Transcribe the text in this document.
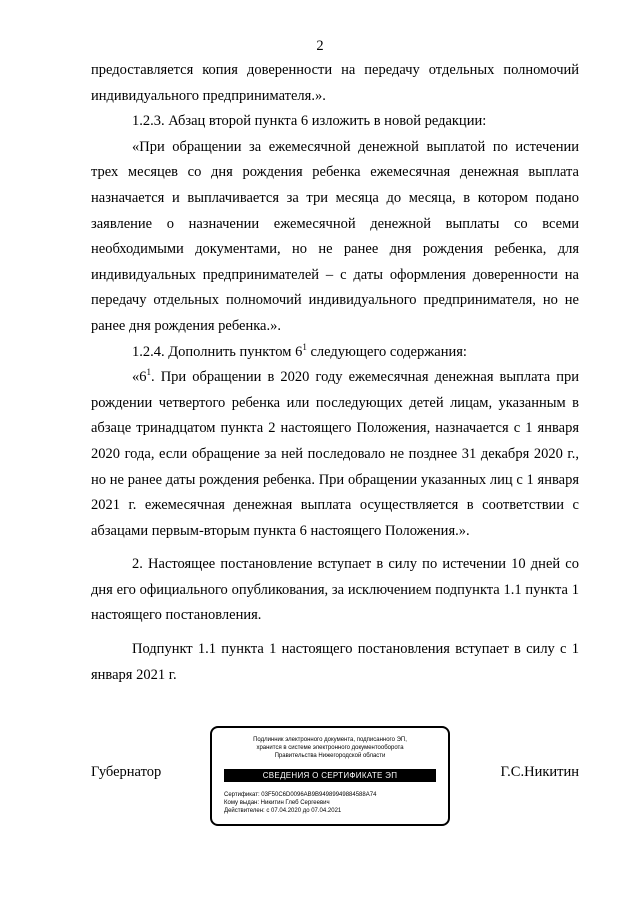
2

предоставляется копия доверенности на передачу отдельных полномочий индивидуального предпринимателя.».

1.2.3. Абзац второй пункта 6 изложить в новой редакции:

«При обращении за ежемесячной денежной выплатой по истечении трех месяцев со дня рождения ребенка ежемесячная денежная выплата назначается и выплачивается за три месяца до месяца, в котором подано заявление о назначении ежемесячной денежной выплаты со всеми необходимыми документами, но не ранее дня рождения ребенка, для индивидуальных предпринимателей – с даты оформления доверенности на передачу отдельных полномочий индивидуального предпринимателя, но не ранее дня рождения ребенка.».

1.2.4. Дополнить пунктом $6^1$ следующего содержания:

«$6^1$. При обращении в 2020 году ежемесячная денежная выплата при рождении четвертого ребенка или последующих детей лицам, указанным в абзаце тринадцатом пункта 2 настоящего Положения, назначается с 1 января 2020 года, если обращение за ней последовало не позднее 31 декабря 2020 г., но не ранее даты рождения ребенка. При обращении указанных лиц с 1 января 2021 г. ежемесячная денежная выплата осуществляется в соответствии с абзацами первым-вторым пункта 6 настоящего Положения.».

2. Настоящее постановление вступает в силу по истечении 10 дней со дня его официального опубликования, за исключением подпункта 1.1 пункта 1 настоящего постановления.

Подпункт 1.1 пункта 1 настоящего постановления вступает в силу с 1 января 2021 г.

Губернатор	Г.С.Никитин
Подлинник электронного документа, подписанного ЭП,
хранится в системе электронного документооборота
Правительства Нижегородской области
СВЕДЕНИЯ О СЕРТИФИКАТЕ ЭП
Сертификат: 03F50C6D0096AB9B94989949884588A74
Кому выдан: Никитин Глеб Сергеевич
Действителен: с 07.04.2020 до 07.04.2021
